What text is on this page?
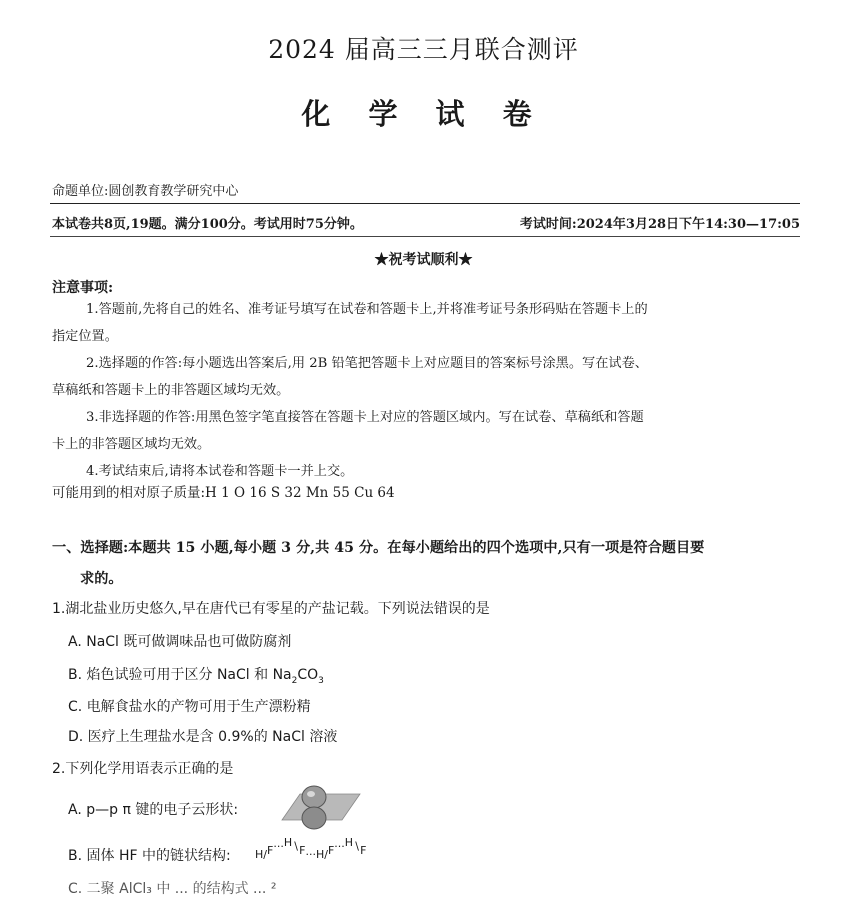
2024 届高三三月联合测评
化 学 试 卷
命题单位:圆创教育教学研究中心
本试卷共8页,19题。满分100分。考试用时75分钟。	考试时间:2024年3月28日下午14:30—17:05
★祝考试顺利★
注意事项:
1.答题前,先将自己的姓名、准考证号填写在试卷和答题卡上,并将准考证号条形码贴在答题卡上的
指定位置。
2.选择题的作答:每小题选出答案后,用 2B 铅笔把答题卡上对应题目的答案标号涂黑。写在试卷、
草稿纸和答题卡上的非答题区域均无效。
3.非选择题的作答:用黑色签字笔直接答在答题卡上对应的答题区域内。写在试卷、草稿纸和答题
卡上的非答题区域均无效。
4.考试结束后,请将本试卷和答题卡一并上交。
可能用到的相对原子质量:H 1 O 16 S 32 Mn 55 Cu 64
一、选择题:本题共 15 小题,每小题 3 分,共 45 分。在每小题给出的四个选项中,只有一项是符合题目要
求的。
1.湖北盐业历史悠久,早在唐代已有零星的产盐记载。下列说法错误的是
A. NaCl 既可做调味品也可做防腐剂
B. 焰色试验可用于区分 NaCl 和 $Na_2CO_3$
C. 电解食盐水的产物可用于生产漂粉精
D. 医疗上生理盐水是含 0.9%的 NaCl 溶液
2.下列化学用语表示正确的是
A. p—p π 键的电子云形状:
B. 固体 HF 中的链状结构: H∕F···H∖F···H∕F···H∖F
C. 二聚 AlCl₃ 中 ... 的结构式 ... ²
